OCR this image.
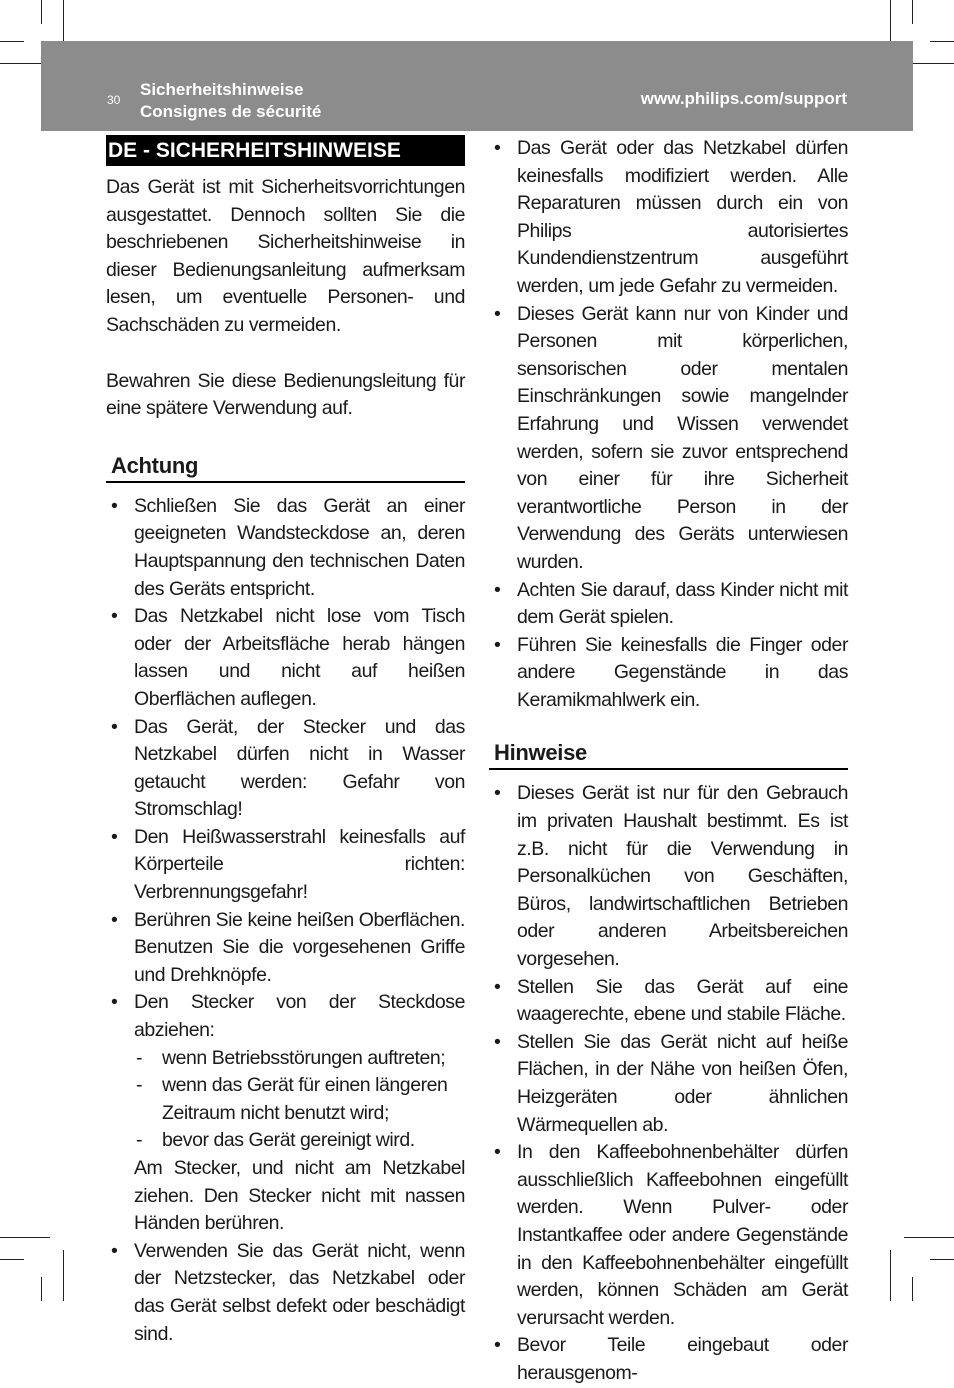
30
Sicherheitshinweise
Consignes de sécurité
www.philips.com/support
DE - SICHERHEITSHINWEISE

Das Gerät ist mit Sicherheitsvorrichtungen ausgestattet. Dennoch sollten Sie die beschriebenen Sicherheitshinweise in dieser Bedienungsanleitung aufmerksam lesen, um eventuelle Personen- und Sachschäden zu vermeiden.

Bewahren Sie diese Bedienungsleitung für eine spätere Verwendung auf.

Achtung
• Schließen Sie das Gerät an einer geeigneten Wandsteckdose an, deren Hauptspannung den technischen Daten des Geräts entspricht.
• Das Netzkabel nicht lose vom Tisch oder der Arbeitsfläche herab hängen lassen und nicht auf heißen Oberflächen auflegen.
• Das Gerät, der Stecker und das Netzkabel dürfen nicht in Wasser getaucht werden: Gefahr von Stromschlag!
• Den Heißwasserstrahl keinesfalls auf Körperteile richten: Verbrennungsgefahr!
• Berühren Sie keine heißen Oberflächen. Benutzen Sie die vorgesehenen Griffe und Drehknöpfe.
• Den Stecker von der Steckdose abziehen:
- wenn Betriebsstörungen auftreten;
- wenn das Gerät für einen längeren Zeitraum nicht benutzt wird;
- bevor das Gerät gereinigt wird.
Am Stecker, und nicht am Netzkabel ziehen. Den Stecker nicht mit nassen Händen berühren.
• Verwenden Sie das Gerät nicht, wenn der Netzstecker, das Netzkabel oder das Gerät selbst defekt oder beschädigt sind.
• Das Gerät oder das Netzkabel dürfen keinesfalls modifiziert werden. Alle Reparaturen müssen durch ein von Philips autorisiertes Kundendienstzentrum ausgeführt werden, um jede Gefahr zu vermeiden.
• Dieses Gerät kann nur von Kinder und Personen mit körperlichen, sensorischen oder mentalen Einschränkungen sowie mangelnder Erfahrung und Wissen verwendet werden, sofern sie zuvor entsprechend von einer für ihre Sicherheit verantwortliche Person in der Verwendung des Geräts unterwiesen wurden.
• Achten Sie darauf, dass Kinder nicht mit dem Gerät spielen.
• Führen Sie keinesfalls die Finger oder andere Gegenstände in das Keramikmahlwerk ein.
Hinweise
• Dieses Gerät ist nur für den Gebrauch im privaten Haushalt bestimmt. Es ist z.B. nicht für die Verwendung in Personalküchen von Geschäften, Büros, landwirtschaftlichen Betrieben oder anderen Arbeitsbereichen vorgesehen.
• Stellen Sie das Gerät auf eine waagerechte, ebene und stabile Fläche.
• Stellen Sie das Gerät nicht auf heiße Flächen, in der Nähe von heißen Öfen, Heizgeräten oder ähnlichen Wärmequellen ab.
• In den Kaffeebohnenbehälter dürfen ausschließlich Kaffeebohnen eingefüllt werden. Wenn Pulver- oder Instantkaffee oder andere Gegenstände in den Kaffeebohnenbehälter eingefüllt werden, können Schäden am Gerät verursacht werden.
• Bevor Teile eingebaut oder herausgenom-
